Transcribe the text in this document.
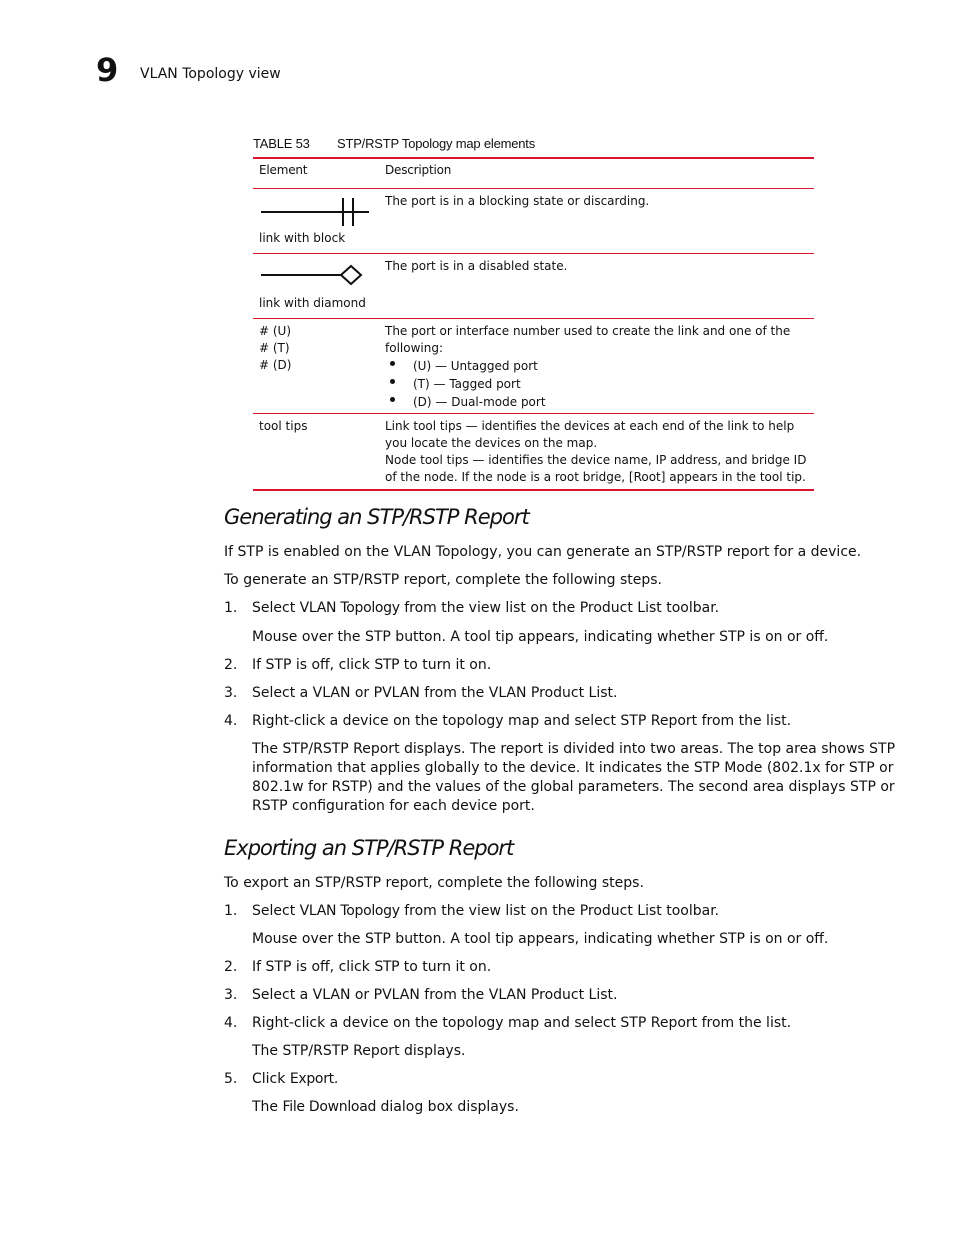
9 VLAN Topology view
TABLE 53 STP/RSTP Topology map elements
Element	Description
link with block
The port is in a blocking state or discarding.
link with diamond
The port is in a disabled state.
# (U)
# (T)
# (D)
The port or interface number used to create the link and one of the following:
(U) — Untagged port
(T) — Tagged port
(D) — Dual-mode port
tool tips	Link tool tips — identifies the devices at each end of the link to help you locate the devices on the map.
Node tool tips — identifies the device name, IP address, and bridge ID of the node. If the node is a root bridge, [Root] appears in the tool tip.
Generating an STP/RSTP Report
If STP is enabled on the VLAN Topology, you can generate an STP/RSTP report for a device.
To generate an STP/RSTP report, complete the following steps.
1. Select VLAN Topology from the view list on the Product List toolbar.
Mouse over the STP button. A tool tip appears, indicating whether STP is on or off.
2. If STP is off, click STP to turn it on.
3. Select a VLAN or PVLAN from the VLAN Product List.
4. Right-click a device on the topology map and select STP Report from the list.
The STP/RSTP Report displays. The report is divided into two areas. The top area shows STP
information that applies globally to the device. It indicates the STP Mode (802.1x for STP or
802.1w for RSTP) and the values of the global parameters. The second area displays STP or
RSTP configuration for each device port.
Exporting an STP/RSTP Report
To export an STP/RSTP report, complete the following steps.
1. Select VLAN Topology from the view list on the Product List toolbar.
Mouse over the STP button. A tool tip appears, indicating whether STP is on or off.
2. If STP is off, click STP to turn it on.
3. Select a VLAN or PVLAN from the VLAN Product List.
4. Right-click a device on the topology map and select STP Report from the list.
The STP/RSTP Report displays.
5. Click Export.
The File Download dialog box displays.
